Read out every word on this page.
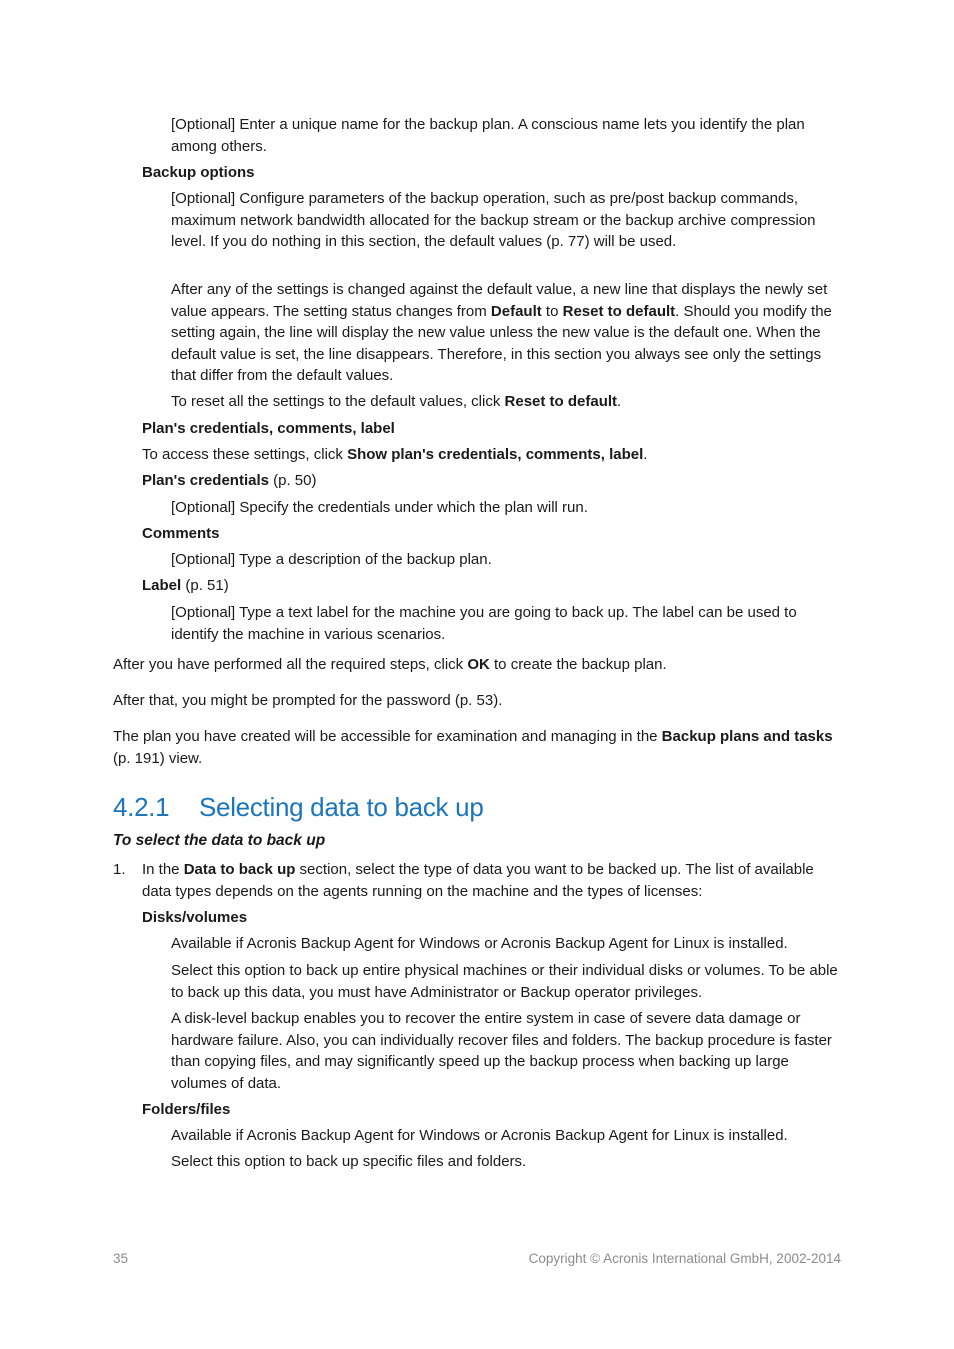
[Optional] Enter a unique name for the backup plan. A conscious name lets you identify the plan among others.

Backup options

[Optional] Configure parameters of the backup operation, such as pre/post backup commands, maximum network bandwidth allocated for the backup stream or the backup archive compression level. If you do nothing in this section, the default values (p. 77) will be used.

After any of the settings is changed against the default value, a new line that displays the newly set value appears. The setting status changes from Default to Reset to default. Should you modify the setting again, the line will display the new value unless the new value is the default one. When the default value is set, the line disappears. Therefore, in this section you always see only the settings that differ from the default values.

To reset all the settings to the default values, click Reset to default.

Plan's credentials, comments, label

To access these settings, click Show plan's credentials, comments, label.

Plan's credentials (p. 50)

[Optional] Specify the credentials under which the plan will run.

Comments

[Optional] Type a description of the backup plan.

Label (p. 51)

[Optional] Type a text label for the machine you are going to back up. The label can be used to identify the machine in various scenarios.

After you have performed all the required steps, click OK to create the backup plan.

After that, you might be prompted for the password (p. 53).

The plan you have created will be accessible for examination and managing in the Backup plans and tasks (p. 191) view.

4.2.1 Selecting data to back up
To select the data to back up
1. In the Data to back up section, select the type of data you want to be backed up. The list of available data types depends on the agents running on the machine and the types of licenses:

Disks/volumes

Available if Acronis Backup Agent for Windows or Acronis Backup Agent for Linux is installed.

Select this option to back up entire physical machines or their individual disks or volumes. To be able to back up this data, you must have Administrator or Backup operator privileges.

A disk-level backup enables you to recover the entire system in case of severe data damage or hardware failure. Also, you can individually recover files and folders. The backup procedure is faster than copying files, and may significantly speed up the backup process when backing up large volumes of data.

Folders/files

Available if Acronis Backup Agent for Windows or Acronis Backup Agent for Linux is installed.

Select this option to back up specific files and folders.

35	Copyright © Acronis International GmbH, 2002-2014
